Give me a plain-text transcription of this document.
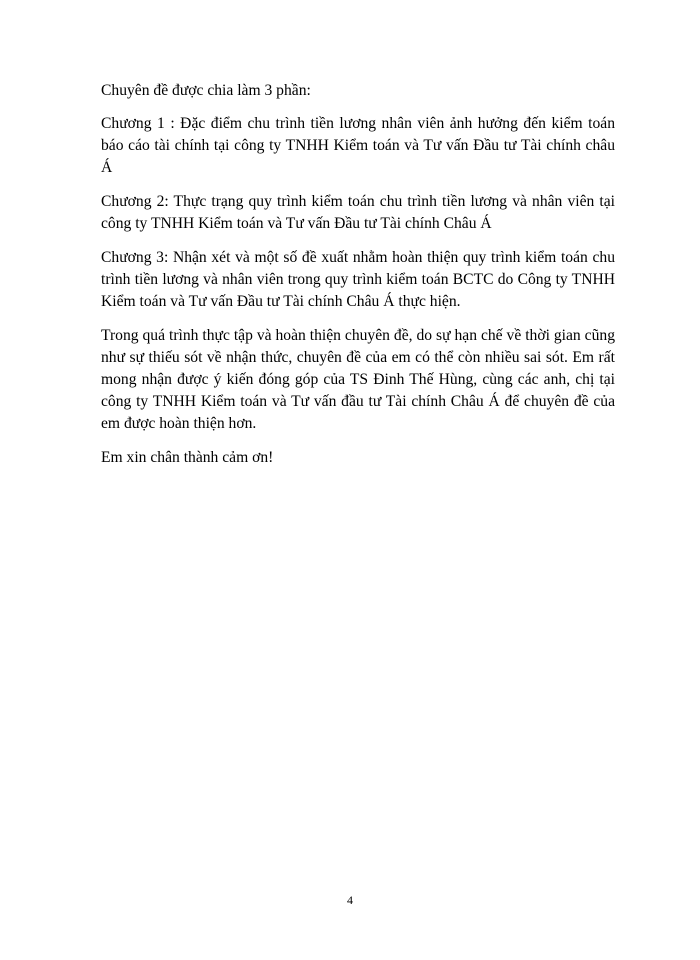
Chuyên đề được chia làm 3 phần:

Chương 1 : Đặc điểm chu trình tiền lương nhân viên ảnh hưởng đến kiểm toán báo cáo tài chính tại công ty TNHH Kiểm toán và Tư vấn Đầu tư Tài chính châu Á

Chương 2: Thực trạng quy trình kiểm toán chu trình tiền lương và nhân viên tại công ty TNHH Kiểm toán và Tư vấn Đầu tư Tài chính Châu Á

Chương 3: Nhận xét và một số đề xuất nhằm hoàn thiện quy trình kiểm toán chu trình tiền lương và nhân viên trong quy trình kiểm toán BCTC do Công ty TNHH Kiểm toán và Tư vấn Đầu tư Tài chính Châu Á thực hiện.

Trong quá trình thực tập và hoàn thiện chuyên đề, do sự hạn chế về thời gian cũng như sự thiếu sót về nhận thức, chuyên đề của em có thể còn nhiều sai sót. Em rất mong nhận được ý kiến đóng góp của TS Đinh Thế Hùng, cùng các anh, chị tại công ty TNHH Kiểm toán và Tư vấn đầu tư Tài chính Châu Á để chuyên đề của em được hoàn thiện hơn.

Em xin chân thành cảm ơn!

4
